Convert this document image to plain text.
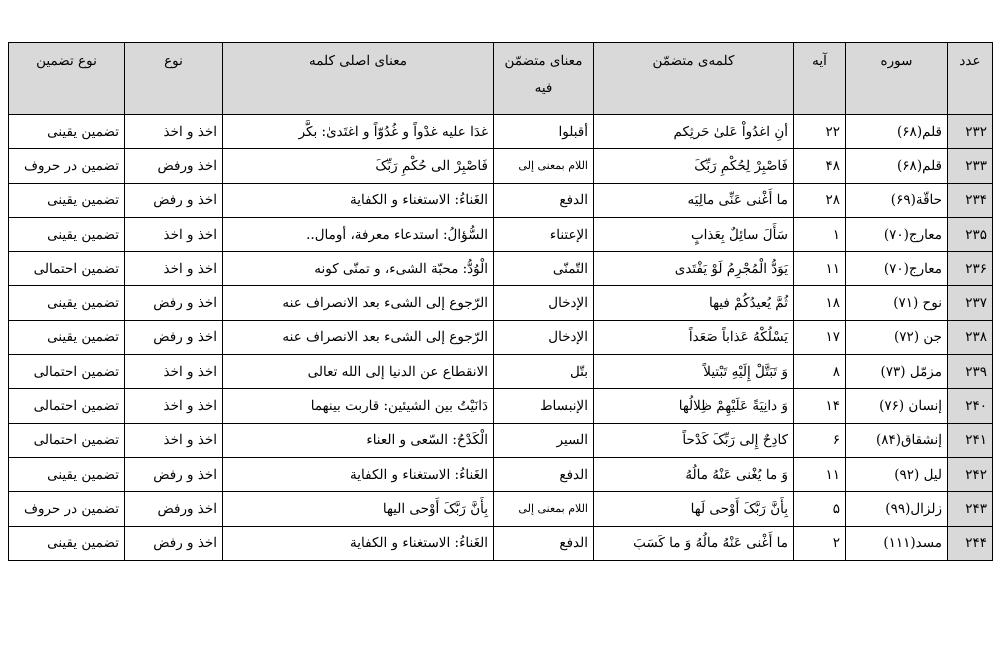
عدد	سوره	آیه	کلمه‌ی متضمّن	معنای متضمّن فیه	معنای اصلی کلمه	نوع	نوع تضمین
۲۳۲	قلم(۶۸)	۲۲	أنِ اغدُواْ عَلیٰ حَرثِکم	أقبلوا	غدَا علیه غدْواً و غُدُوّاً و اغتَدیٰ: بکَّر	اخذ و اخذ	تضمین یقینی
۲۳۳	قلم(۶۸)	۴۸	فَاصْبِرْ لِحُکْمِ رَبِّکَ	اللام بمعنی إلی	فَاصْبِرْ الی حُکْمِ رَبِّکَ	اخذ ورفض	تضمین در حروف
۲۳۴	حاقّة(۶۹)	۲۸	ما أَغْنی عَنِّی مالِیَه	الدفع	الغَناءُ: الاستغناء و الکفایة	اخذ و رفض	تضمین یقینی
۲۳۵	معارج(۷۰)	۱	سَأَلَ سائِلٌ بِعَذابٍ	الإعتناء	السُّؤالُ: استدعاء معرفة، أومال..	اخذ و اخذ	تضمین یقینی
۲۳۶	معارج(۷۰)	۱۱	یَوَدُّ الْمُجْرِمُ لَوْ یَفْتَدی	التّمنّی	الْوُدُّ: محبّة الشیء، و تمنّی کونه	اخذ و اخذ	تضمین احتمالی
۲۳۷	نوح (۷۱)	۱۸	ثُمَّ یُعیدُکُمْ فیها	الإدخال	الرّجوع إلی الشیء بعد الانصراف عنه	اخذ و رفض	تضمین یقینی
۲۳۸	جن (۷۲)	۱۷	یَسْلُکْهُ عَذاباً صَعَداً	الإدخال	الرّجوع إلی الشیء بعد الانصراف عنه	اخذ و رفض	تضمین یقینی
۲۳۹	مزمّل (۷۳)	۸	وَ تَبَتَّلْ إِلَیْهِ تَبْتیلاً	بتّل	الانقطاع عن الدنیا إلی الله تعالی	اخذ و اخذ	تضمین احتمالی
۲۴۰	إنسان (۷۶)	۱۴	وَ دانِیَةً عَلَیْهِمْ ظِلالُها	الإنبساط	دَانَیْتُ بین الشیئین: قاربت بینهما	اخذ و اخذ	تضمین احتمالی
۲۴۱	إنشقاق(۸۴)	۶	کادِحٌ إِلی رَبِّکَ کَدْحاً	السیر	الْکَدْحُ: السّعی و العناء	اخذ و اخذ	تضمین احتمالی
۲۴۲	لیل (۹۲)	۱۱	وَ ما یُغْنی عَنْهُ مالُهُ	الدفع	الغَناءُ: الاستغناء و الکفایة	اخذ و رفض	تضمین یقینی
۲۴۳	زلزال(۹۹)	۵	بِأَنَّ رَبَّکَ أَوْحی لَها	اللام بمعنی إلی	بِأَنَّ رَبَّکَ أَوْحی الیها	اخذ ورفض	تضمین در حروف
۲۴۴	مسد(۱۱۱)	۲	ما أَغْنی عَنْهُ مالُهُ وَ ما کَسَبَ	الدفع	الغَناءُ: الاستغناء و الکفایة	اخذ و رفض	تضمین یقینی
